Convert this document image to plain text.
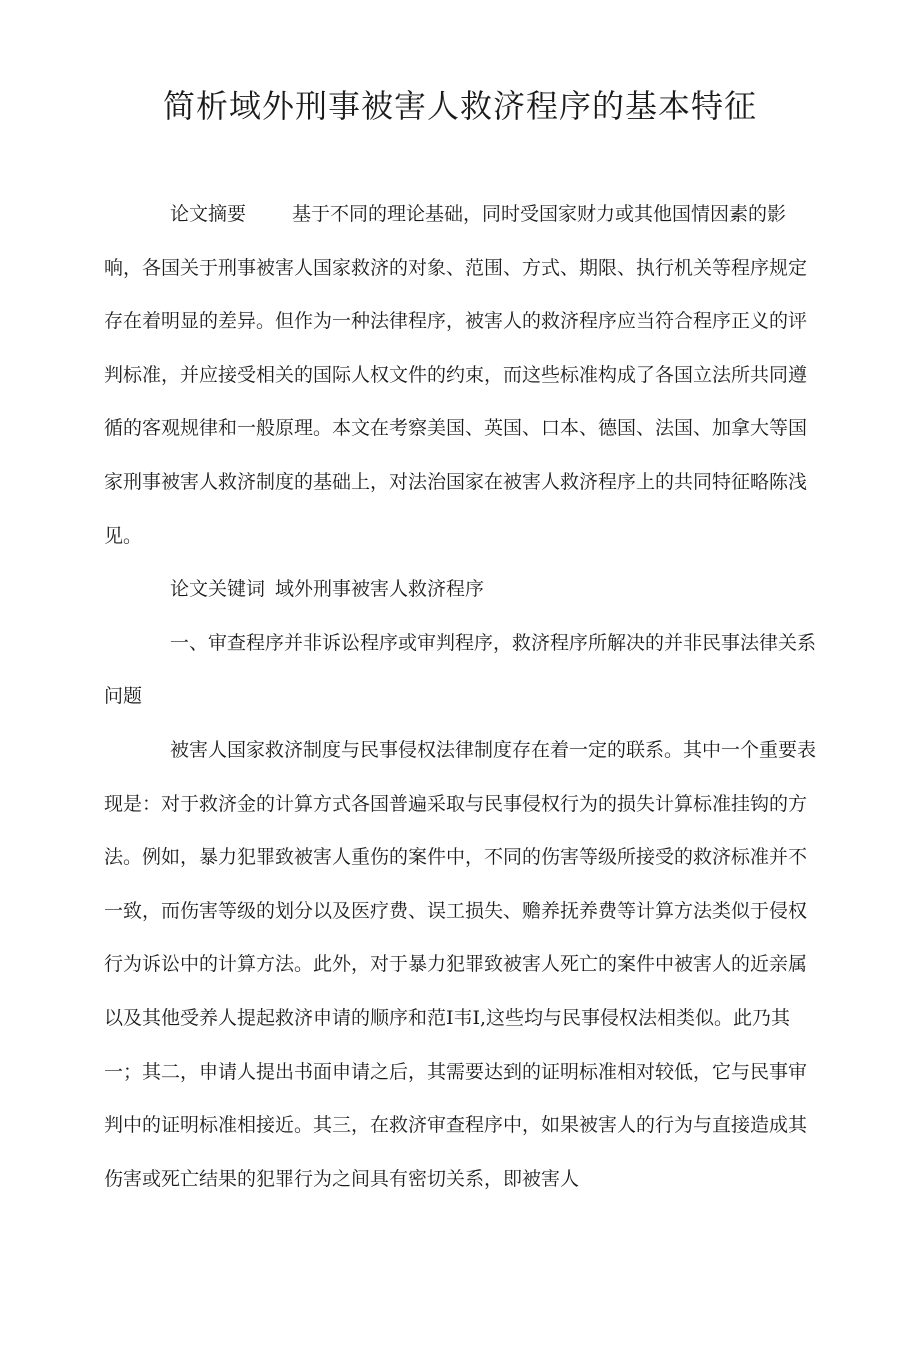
简析域外刑事被害人救济程序的基本特征

论文摘要 基于不同的理论基础，同时受国家财力或其他国情因素的影响，各国关于刑事被害人国家救济的对象、范围、方式、期限、执行机关等程序规定存在着明显的差异。但作为一种法律程序，被害人的救济程序应当符合程序正义的评判标准，并应接受相关的国际人权文件的约束，而这些标准构成了各国立法所共同遵循的客观规律和一般原理。本文在考察美国、英国、口本、德国、法国、加拿大等国家刑事被害人救济制度的基础上，对法治国家在被害人救济程序上的共同特征略陈浅见。

论文关键词 域外刑事被害人救济程序

一、审查程序并非诉讼程序或审判程序，救济程序所解决的并非民事法律关系问题

被害人国家救济制度与民事侵权法律制度存在着一定的联系。其中一个重要表现是：对于救济金的计算方式各国普遍采取与民事侵权行为的损失计算标准挂钩的方法。例如，暴力犯罪致被害人重伤的案件中，不同的伤害等级所接受的救济标准并不一致，而伤害等级的划分以及医疗费、误工损失、赡养抚养费等计算方法类似于侵权行为诉讼中的计算方法。此外，对于暴力犯罪致被害人死亡的案件中被害人的近亲属以及其他受养人提起救济申请的顺序和范I韦I,这些均与民事侵权法相类似。此乃其一；其二，申请人提出书面申请之后，其需要达到的证明标准相对较低，它与民事审判中的证明标准相接近。其三，在救济审查程序中，如果被害人的行为与直接造成其伤害或死亡结果的犯罪行为之间具有密切关系，即被害人
